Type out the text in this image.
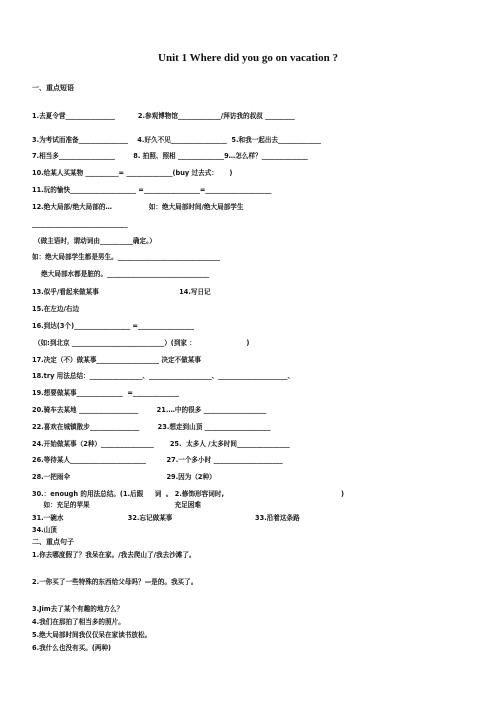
Unit 1 Where did you go on vacation ?
一、重点短语
1.去夏令营_______________          2.参观博物馆_____________/拜访我的叔叔 _________
3.为考试而准备_______________    4.好久不见_________________  5.和我一起出去_____________
7.相当多_________________        8. 拍照、照相 ______________9…怎么样？______________
10.给某人买某物 __________= ______________(buy 过去式：     )
11.玩的愉快____________________ =_________________=____________________
12.绝大局部/绝大局部的…                如：绝大局部时间/绝大局部学生
_____________________________
（做主语时，谓动词由__________确定。）
如：绝大局部学生都是男生。_______________________________
绝大局部水都是脏的。_______________________________
13.似乎/看起来做某事                                   14.写日记
15.在左边/右边
16.到达(3个)_________________ =_________________
（如:到北京 ____________________________）(到家 ：                      )
17.决定（不）做某事___________________ 决定不做某事
18.try 用法总结：________________、___________________、_____________________、
19.想要做某事______________  =______________
20.骑车去某地 __________________        21.…中的很多 ___________________
22.喜欢在城镇散步_______________        23.想走到山顶 ____________________
24.开始做某事（2种）________________       25.  太多人 /太多时间________________
26.等待某人_______________________         27.一个多小时 _____________________
28.一把雨伞                                          29.因为（2种）
30.：enough 的用法总结。(1.后跟     词  。 2.修饰形容词时,                                                   )
如：充足的苹果                                     充足困难
31.一碗水                            32.忘记做某事                                    33.沿着这条路
34.山顶
二、重点句子
1.你去哪度假了？我呆在家。/我去爬山了/我去沙滩了。
2.一你买了一些特殊的东西给父母吗？—是的。我买了。
3.Jim去了某个有趣的地方么？
4.我们在那拍了相当多的照片。
5.绝大局部时间我仅仅呆在家读书放松。
6.我什么也没有买。(两种)
